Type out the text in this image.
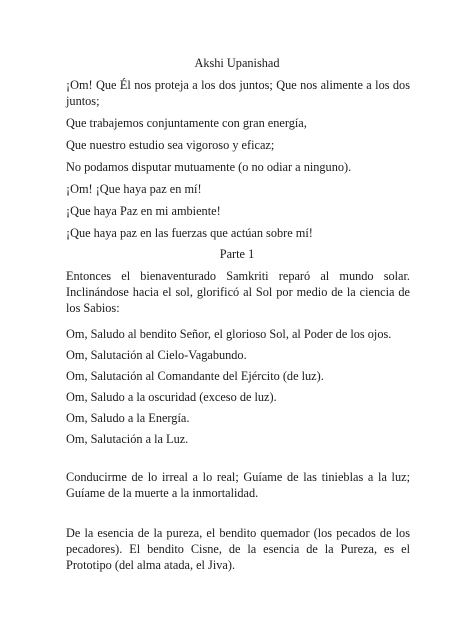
Akshi Upanishad

¡Om! Que Él nos proteja a los dos juntos; Que nos alimente a los dos juntos;

Que trabajemos conjuntamente con gran energía,

Que nuestro estudio sea vigoroso y eficaz;

No podamos disputar mutuamente (o no odiar a ninguno).

¡Om! ¡Que haya paz en mí!

¡Que haya Paz en mi ambiente!

¡Que haya paz en las fuerzas que actúan sobre mí!

Parte 1

Entonces el bienaventurado Samkriti reparó al mundo solar. Inclinándose hacia el sol, glorificó al Sol por medio de la ciencia de los Sabios:

Om, Saludo al bendito Señor, el glorioso Sol, al Poder de los ojos.

Om, Salutación al Cielo-Vagabundo.

Om, Salutación al Comandante del Ejército (de luz).

Om, Saludo a la oscuridad (exceso de luz).

Om, Saludo a la Energía.

Om, Salutación a la Luz.

Conducirme de lo irreal a lo real; Guíame de las tinieblas a la luz; Guíame de la muerte a la inmortalidad.

De la esencia de la pureza, el bendito quemador (los pecados de los pecadores). El bendito Cisne, de la esencia de la Pureza, es el Prototipo (del alma atada, el Jiva).
